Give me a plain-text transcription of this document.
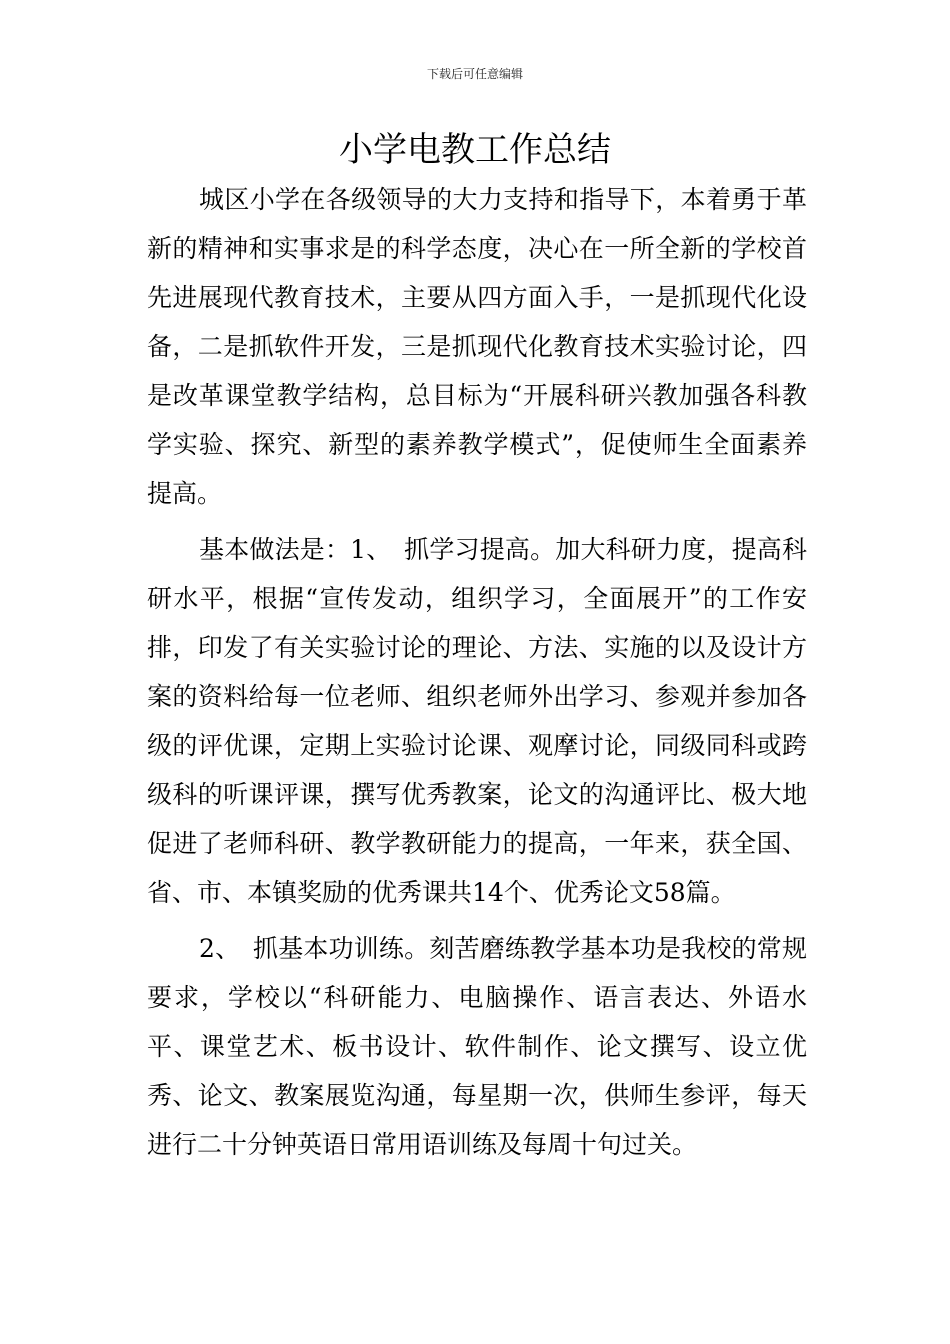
下载后可任意编辑
小学电教工作总结

城区小学在各级领导的大力支持和指导下，本着勇于革新的精神和实事求是的科学态度，决心在一所全新的学校首先进展现代教育技术，主要从四方面入手，一是抓现代化设备，二是抓软件开发，三是抓现代化教育技术实验讨论，四是改革课堂教学结构，总目标为“开展科研兴教加强各科教学实验、探究、新型的素养教学模式”，促使师生全面素养提高。

基本做法是：1、　抓学习提高。加大科研力度，提高科研水平，根据“宣传发动，组织学习，全面展开”的工作安排，印发了有关实验讨论的理论、方法、实施的以及设计方案的资料给每一位老师、组织老师外出学习、参观并参加各级的评优课，定期上实验讨论课、观摩讨论，同级同科或跨级科的听课评课，撰写优秀教案，论文的沟通评比、极大地促进了老师科研、教学教研能力的提高，一年来，获全国、省、市、本镇奖励的优秀课共14个、优秀论文58篇。

2、　抓基本功训练。刻苦磨练教学基本功是我校的常规要求，学校以“科研能力、电脑操作、语言表达、外语水平、课堂艺术、板书设计、软件制作、论文撰写、设立优秀、论文、教案展览沟通，每星期一次，供师生参评，每天进行二十分钟英语日常用语训练及每周十句过关。
